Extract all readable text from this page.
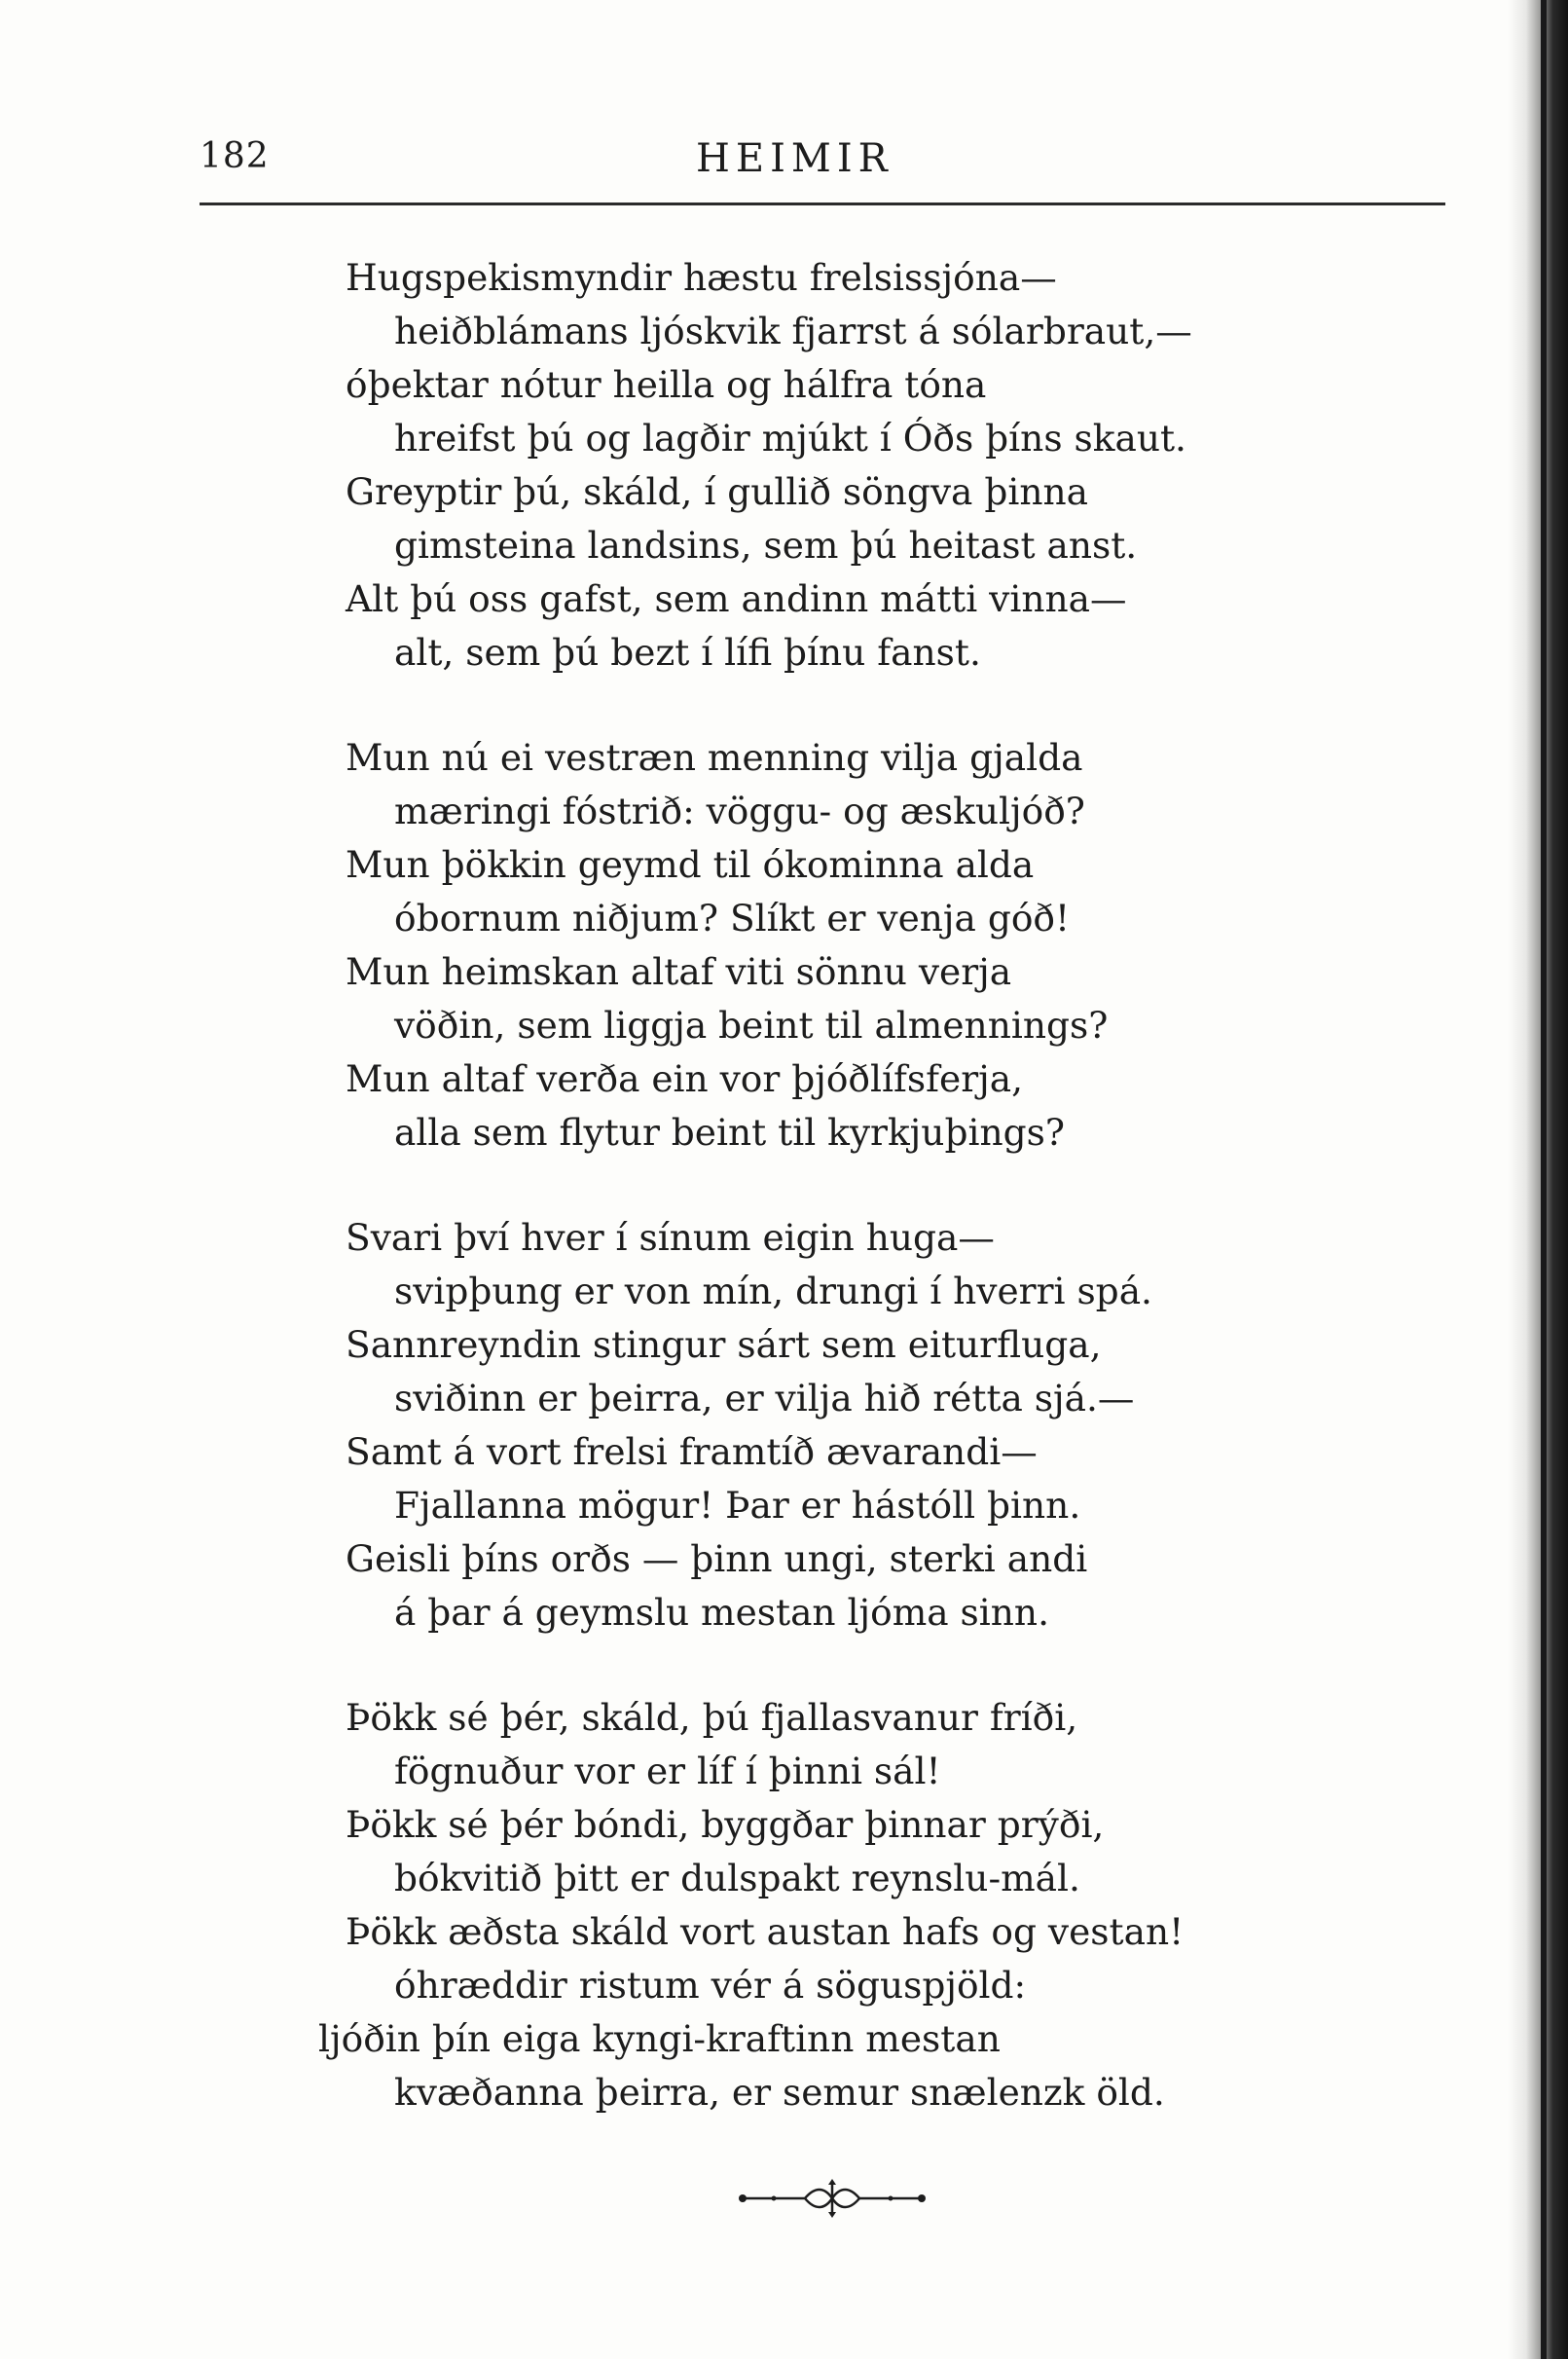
182	HEIMIR
Hugspekismyndir hæstu frelsissjóna—
heiðblámans ljóskvik fjarrst á sólarbraut,—
óþektar nótur heilla og hálfra tóna
hreifst þú og lagðir mjúkt í Óðs þíns skaut.
Greyptir þú, skáld, í gullið söngva þinna
gimsteina landsins, sem þú heitast anst.
Alt þú oss gafst, sem andinn mátti vinna—
alt, sem þú bezt í lífi þínu fanst.
Mun nú ei vestræn menning vilja gjalda
mæringi fóstrið: vöggu- og æskuljóð?
Mun þökkin geymd til ókominna alda
óbornum niðjum? Slíkt er venja góð!
Mun heimskan altaf viti sönnu verja
vöðin, sem liggja beint til almennings?
Mun altaf verða ein vor þjóðlífsferja,
alla sem flytur beint til kyrkjuþings?
Svari því hver í sínum eigin huga—
svipþung er von mín, drungi í hverri spá.
Sannreyndin stingur sárt sem eiturfluga,
sviðinn er þeirra, er vilja hið rétta sjá.—
Samt á vort frelsi framtíð ævarandi—
Fjallanna mögur! Þar er hástóll þinn.
Geisli þíns orðs — þinn ungi, sterki andi
á þar á geymslu mestan ljóma sinn.
Þökk sé þér, skáld, þú fjallasvanur fríði,
fögnuður vor er líf í þinni sál!
Þökk sé þér bóndi, byggðar þinnar prýði,
bókvitið þitt er dulspakt reynslu-mál.
Þökk æðsta skáld vort austan hafs og vestan!
óhræddir ristum vér á söguspjöld:
ljóðin þín eiga kyngi-kraftinn mestan
kvæðanna þeirra, er semur snælenzk öld.
